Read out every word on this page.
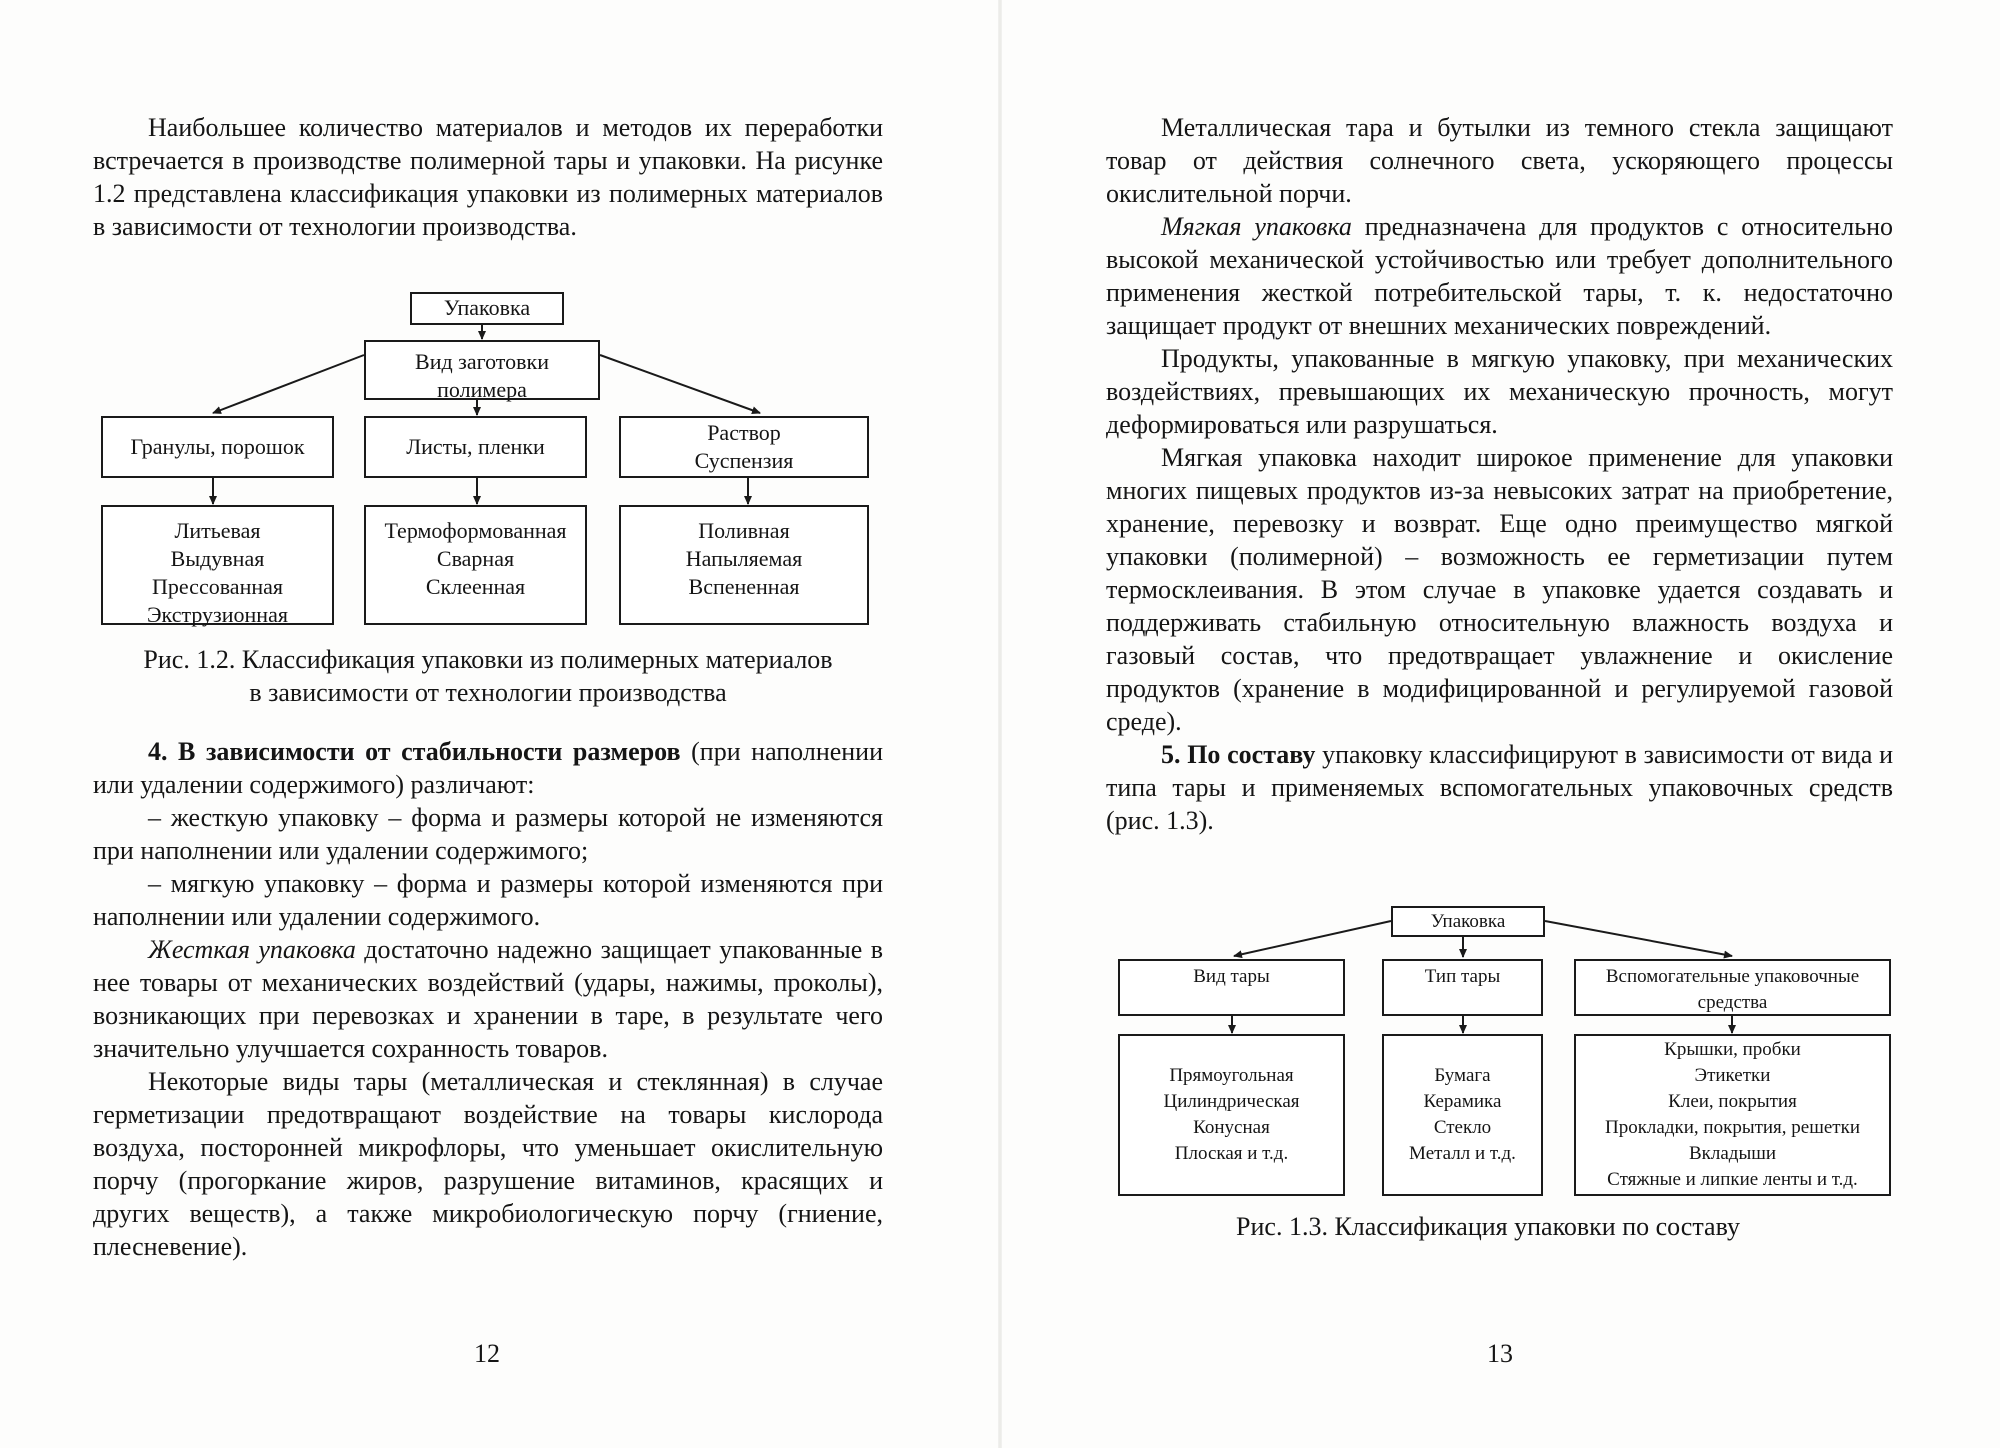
Наибольшее количество материалов и методов их переработки встречается в производстве полимерной тары и упаковки. На рисунке 1.2 представлена классификация упаковки из полимерных материалов в зависимости от технологии производства.

Упаковка
Вид заготовки
полимера
Гранулы, порошок	Листы, пленки
Раствор
Суспензия
Литьевая
Выдувная
Прессованная
Экструзионная
Термоформованная
Сварная
Склеенная
Поливная
Напыляемая
Вспененная
Рис. 1.2. Классификация упаковки из полимерных материалов
в зависимости от технологии производства

4. В зависимости от стабильности размеров (при наполнении или удалении содержимого) различают:

– жесткую упаковку – форма и размеры которой не изменяются при наполнении или удалении содержимого;

– мягкую упаковку – форма и размеры которой изменяются при наполнении или удалении содержимого.

Жесткая упаковка достаточно надежно защищает упакованные в нее товары от механических воздействий (удары, нажимы, проколы), возникающих при перевозках и хранении в таре, в результате чего значительно улучшается сохранность товаров.

Некоторые виды тары (металлическая и стеклянная) в случае герметизации предотвращают воздействие на товары кислорода воздуха, посторонней микрофлоры, что уменьшает окислительную порчу (прогоркание жиров, разрушение витаминов, красящих и других веществ), а также микробиологическую порчу (гниение, плесневение).

12

Металлическая тара и бутылки из темного стекла защищают товар от действия солнечного света, ускоряющего процессы окислительной порчи.

Мягкая упаковка предназначена для продуктов с относительно высокой механической устойчивостью или требует дополнительного применения жесткой потребительской тары, т. к. недостаточно защищает продукт от внешних механических повреждений.

Продукты, упакованные в мягкую упаковку, при механических воздействиях, превышающих их механическую прочность, могут деформироваться или разрушаться.

Мягкая упаковка находит широкое применение для упаковки многих пищевых продуктов из-за невысоких затрат на приобретение, хранение, перевозку и возврат. Еще одно преимущество мягкой упаковки (полимерной) – возможность ее герметизации путем термосклеивания. В этом случае в упаковке удается создавать и поддерживать стабильную относительную влажность воздуха и газовый состав, что предотвращает увлажнение и окисление продуктов (хранение в модифицированной и регулируемой газовой среде).

5. По составу упаковку классифицируют в зависимости от вида и типа тары и применяемых вспомогательных упаковочных средств (рис. 1.3).

13
Упаковка
Вид тары	Тип тары	Вспомогательные упаковочные
средства
Прямоугольная
Цилиндрическая
Конусная
Плоская и т.д.
Бумага
Керамика
Стекло
Металл и т.д.
Крышки, пробки
Этикетки
Клеи, покрытия
Прокладки, покрытия, решетки
Вкладыши
Стяжные и липкие ленты и т.д.
Рис. 1.3. Классификация упаковки по составу
